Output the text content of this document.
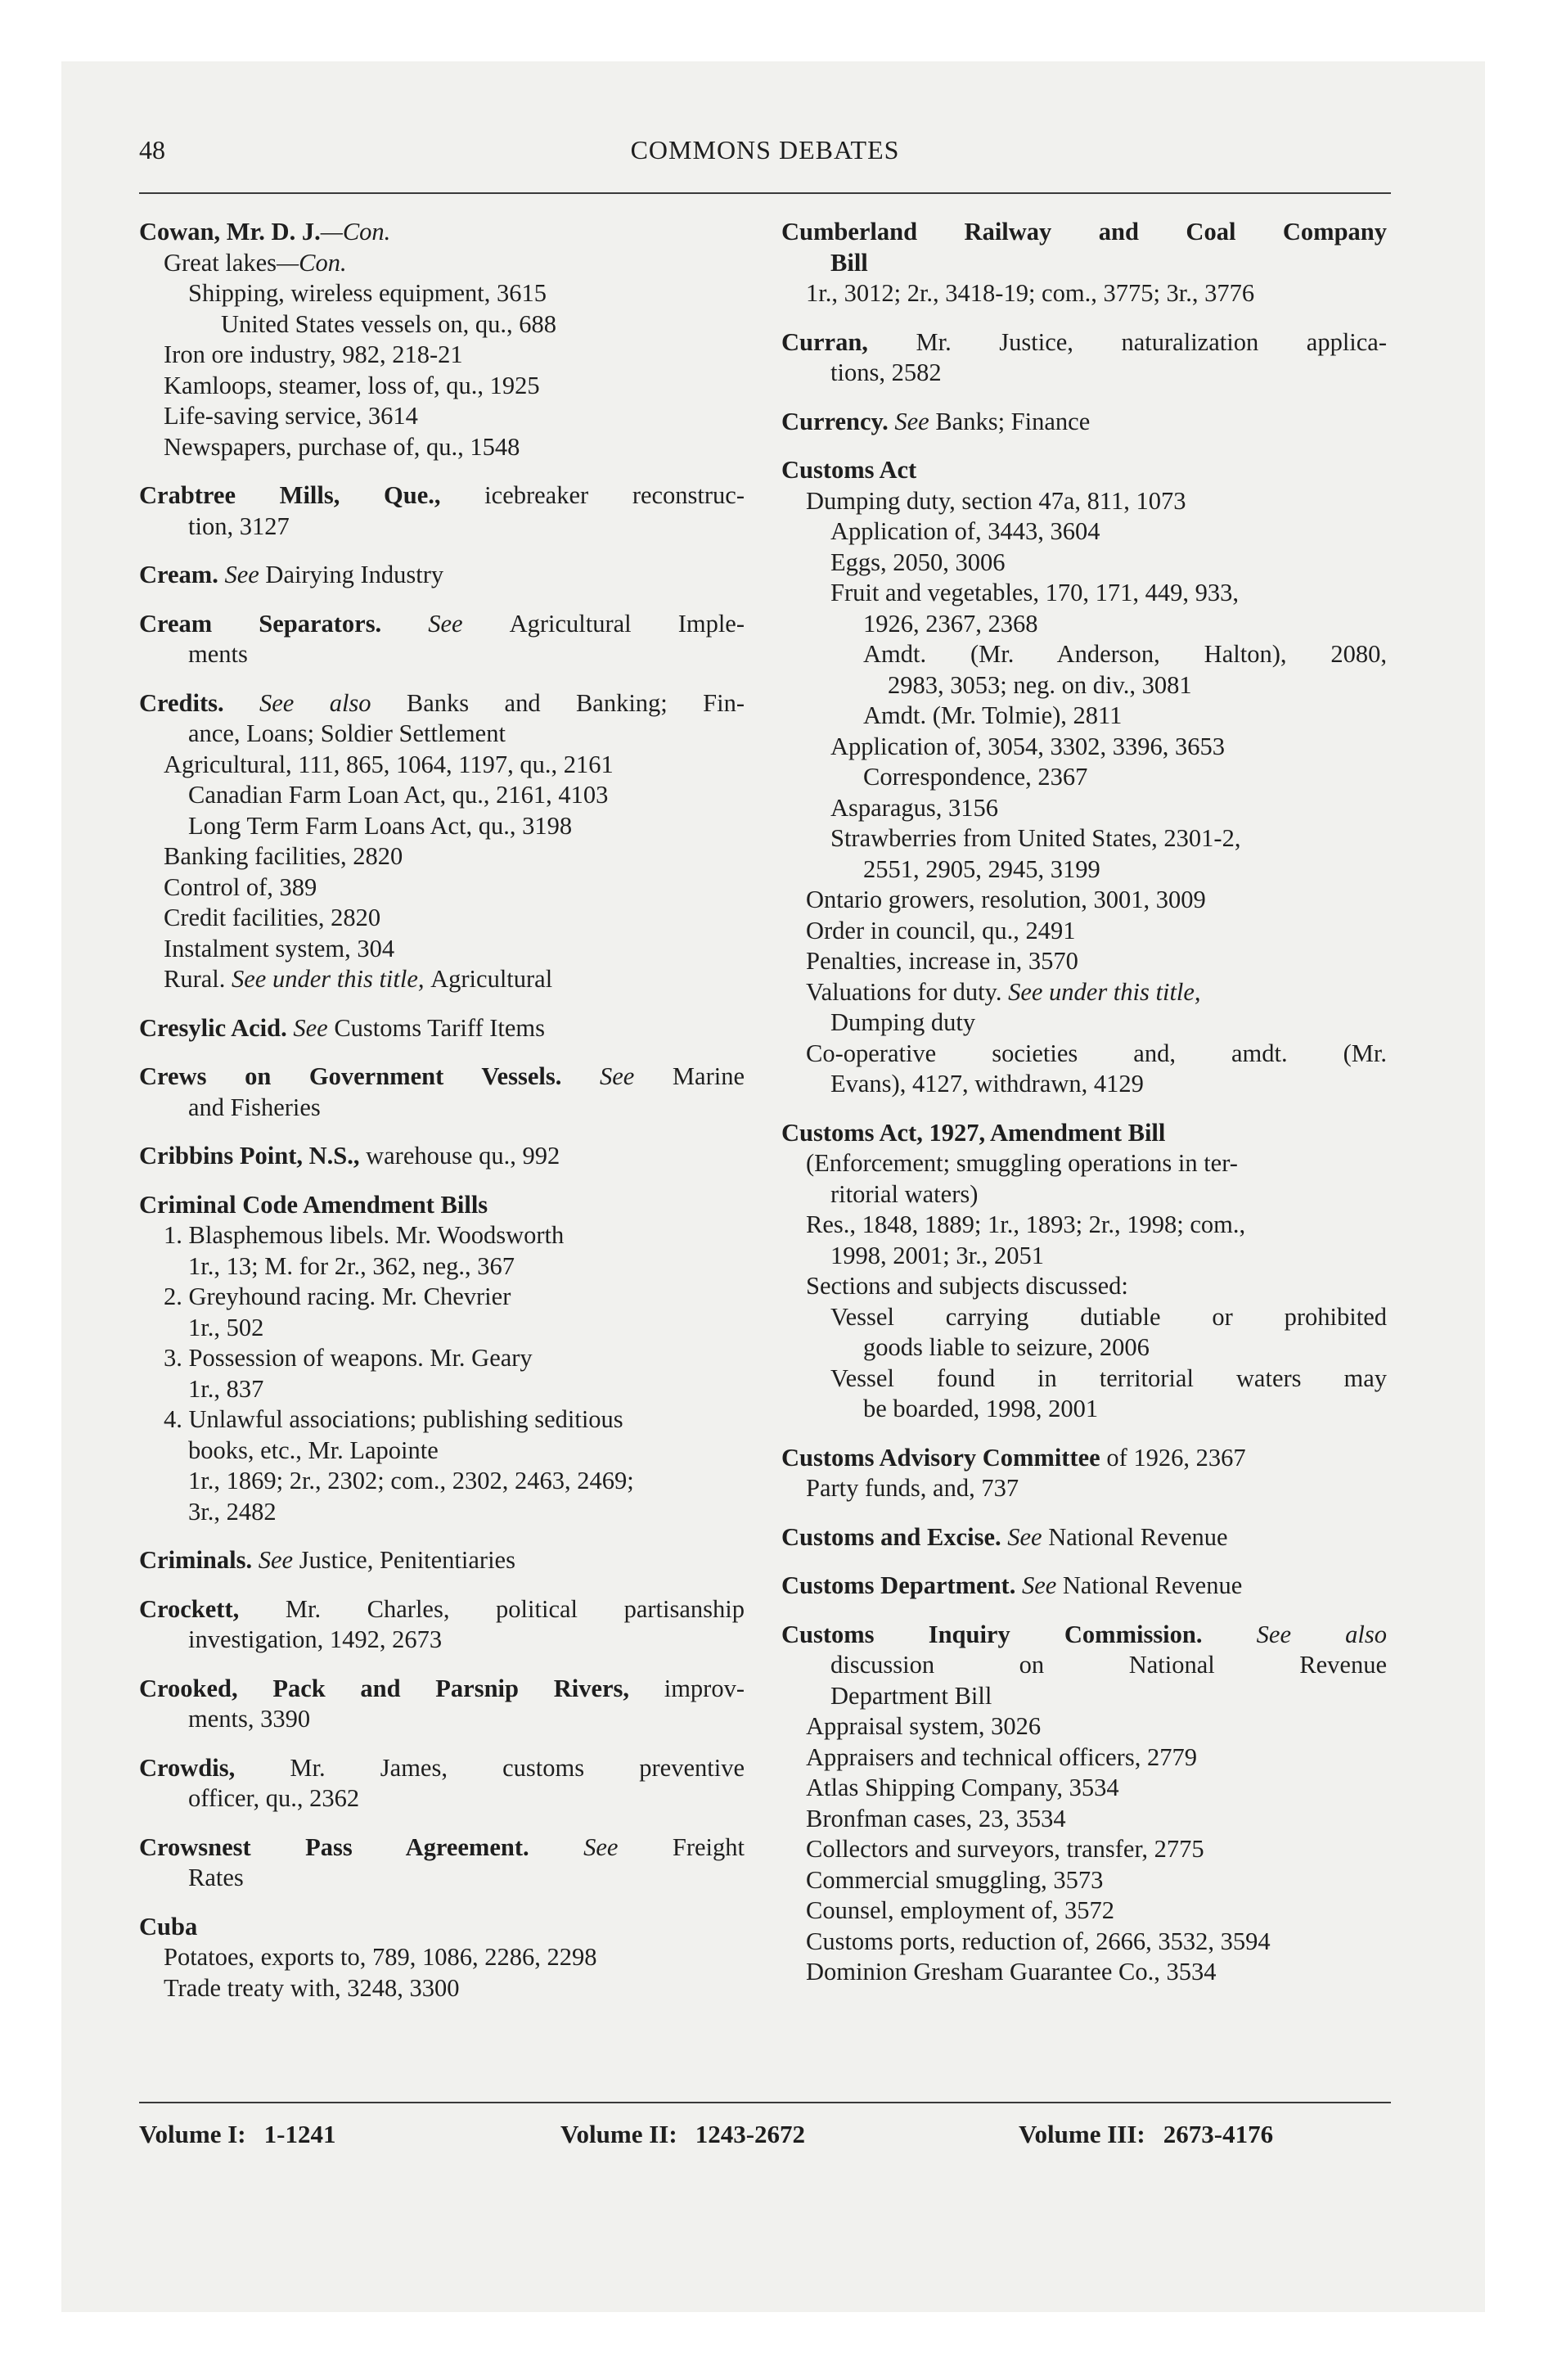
48	COMMONS DEBATES
Cowan, Mr. D. J.—Con.
Great lakes—Con.
Shipping, wireless equipment, 3615
United States vessels on, qu., 688
Iron ore industry, 982, 218-21
Kamloops, steamer, loss of, qu., 1925
Life-saving service, 3614
Newspapers, purchase of, qu., 1548
Crabtree Mills, Que., icebreaker reconstruc-
tion, 3127
Cream. See Dairying Industry
Cream Separators. See Agricultural Imple-
ments
Credits. See also Banks and Banking; Fin-
ance, Loans; Soldier Settlement
Agricultural, 111, 865, 1064, 1197, qu., 2161
Canadian Farm Loan Act, qu., 2161, 4103
Long Term Farm Loans Act, qu., 3198
Banking facilities, 2820
Control of, 389
Credit facilities, 2820
Instalment system, 304
Rural. See under this title, Agricultural
Cresylic Acid. See Customs Tariff Items
Crews on Government Vessels. See Marine
and Fisheries
Cribbins Point, N.S., warehouse qu., 992
Criminal Code Amendment Bills
1. Blasphemous libels. Mr. Woodsworth
1r., 13; M. for 2r., 362, neg., 367
2. Greyhound racing. Mr. Chevrier
1r., 502
3. Possession of weapons. Mr. Geary
1r., 837
4. Unlawful associations; publishing seditious
books, etc., Mr. Lapointe
1r., 1869; 2r., 2302; com., 2302, 2463, 2469;
3r., 2482
Criminals. See Justice, Penitentiaries
Crockett, Mr. Charles, political partisanship
investigation, 1492, 2673
Crooked, Pack and Parsnip Rivers, improv-
ments, 3390
Crowdis, Mr. James, customs preventive
officer, qu., 2362
Crowsnest Pass Agreement. See Freight
Rates
Cuba
Potatoes, exports to, 789, 1086, 2286, 2298
Trade treaty with, 3248, 3300
Cumberland Railway and Coal Company
Bill
1r., 3012; 2r., 3418-19; com., 3775; 3r., 3776
Curran, Mr. Justice, naturalization applica-
tions, 2582
Currency. See Banks; Finance
Customs Act
Dumping duty, section 47a, 811, 1073
Application of, 3443, 3604
Eggs, 2050, 3006
Fruit and vegetables, 170, 171, 449, 933,
1926, 2367, 2368
Amdt. (Mr. Anderson, Halton), 2080,
2983, 3053; neg. on div., 3081
Amdt. (Mr. Tolmie), 2811
Application of, 3054, 3302, 3396, 3653
Correspondence, 2367
Asparagus, 3156
Strawberries from United States, 2301-2,
2551, 2905, 2945, 3199
Ontario growers, resolution, 3001, 3009
Order in council, qu., 2491
Penalties, increase in, 3570
Valuations for duty. See under this title,
Dumping duty
Co-operative societies and, amdt. (Mr.
Evans), 4127, withdrawn, 4129
Customs Act, 1927, Amendment Bill
(Enforcement; smuggling operations in ter-
ritorial waters)
Res., 1848, 1889; 1r., 1893; 2r., 1998; com.,
1998, 2001; 3r., 2051
Sections and subjects discussed:
Vessel carrying dutiable or prohibited
goods liable to seizure, 2006
Vessel found in territorial waters may
be boarded, 1998, 2001
Customs Advisory Committee of 1926, 2367
Party funds, and, 737
Customs and Excise. See National Revenue
Customs Department. See National Revenue
Customs Inquiry Commission. See also
discussion on National Revenue
Department Bill
Appraisal system, 3026
Appraisers and technical officers, 2779
Atlas Shipping Company, 3534
Bronfman cases, 23, 3534
Collectors and surveyors, transfer, 2775
Commercial smuggling, 3573
Counsel, employment of, 3572
Customs ports, reduction of, 2666, 3532, 3594
Dominion Gresham Guarantee Co., 3534
Volume I: 1-1241	Volume II: 1243-2672	Volume III: 2673-4176
